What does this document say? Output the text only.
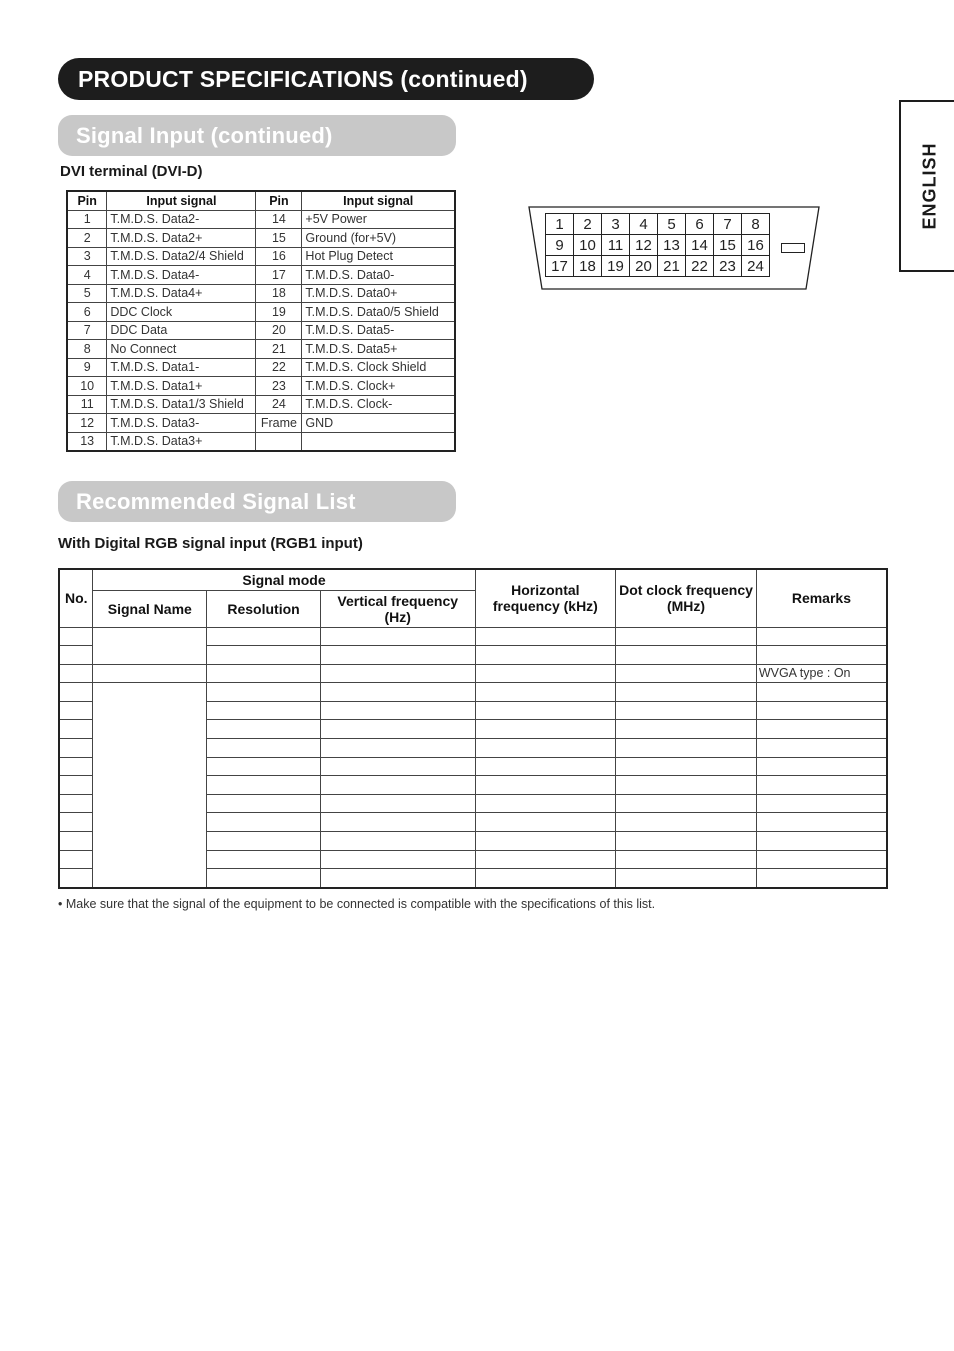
PRODUCT SPECIFICATIONS (continued)
ENGLISH
Signal Input (continued)
DVI terminal (DVI-D)
Pin	Input signal	Pin	Input signal
1	T.M.D.S. Data2-	14	+5V Power
2	T.M.D.S. Data2+	15	Ground (for+5V)
3	T.M.D.S. Data2/4 Shield	16	Hot Plug Detect
4	T.M.D.S. Data4-	17	T.M.D.S. Data0-
5	T.M.D.S. Data4+	18	T.M.D.S. Data0+
6	DDC Clock	19	T.M.D.S. Data0/5 Shield
7	DDC Data	20	T.M.D.S. Data5-
8	No Connect	21	T.M.D.S. Data5+
9	T.M.D.S. Data1-	22	T.M.D.S. Clock Shield
10	T.M.D.S. Data1+	23	T.M.D.S. Clock+
11	T.M.D.S. Data1/3 Shield	24	T.M.D.S. Clock-
12	T.M.D.S. Data3-	Frame	GND
13	T.M.D.S. Data3+		
1	2	3	4	5	6	7	8
9	10	11	12	13	14	15	16
17	18	19	20	21	22	23	24
Recommended Signal List
With Digital RGB signal input (RGB1 input)
No.	Signal mode			Horizontal frequency (kHz)	Dot clock frequency (MHz)	Remarks
	Signal Name	Resolution	Vertical frequency (Hz)			

						WVGA type : On

• Make sure that the signal of the equipment to be connected is compatible with the specifications of this list.
